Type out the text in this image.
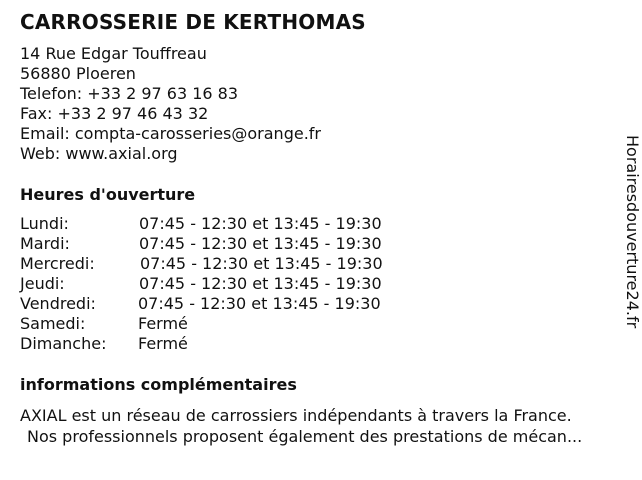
CARROSSERIE DE KERTHOMAS
14 Rue Edgar Touffreau
56880 Ploeren
Telefon: +33 2 97 63 16 83
Fax: +33 2 97 46 43 32
Email: compta-carosseries@orange.fr
Web: www.axial.org
Heures d'ouverture
Lundi:	07:45 - 12:30 et 13:45 - 19:30
Mardi:	07:45 - 12:30 et 13:45 - 19:30
Mercredi:	07:45 - 12:30 et 13:45 - 19:30
Jeudi:	07:45 - 12:30 et 13:45 - 19:30
Vendredi:	07:45 - 12:30 et 13:45 - 19:30
Samedi:	Fermé
Dimanche: Fermé
informations complémentaires
AXIAL est un réseau de carrossiers indépendants à travers la France.
Nos professionnels proposent également des prestations de mécan...
Horairesdouverture24.fr
